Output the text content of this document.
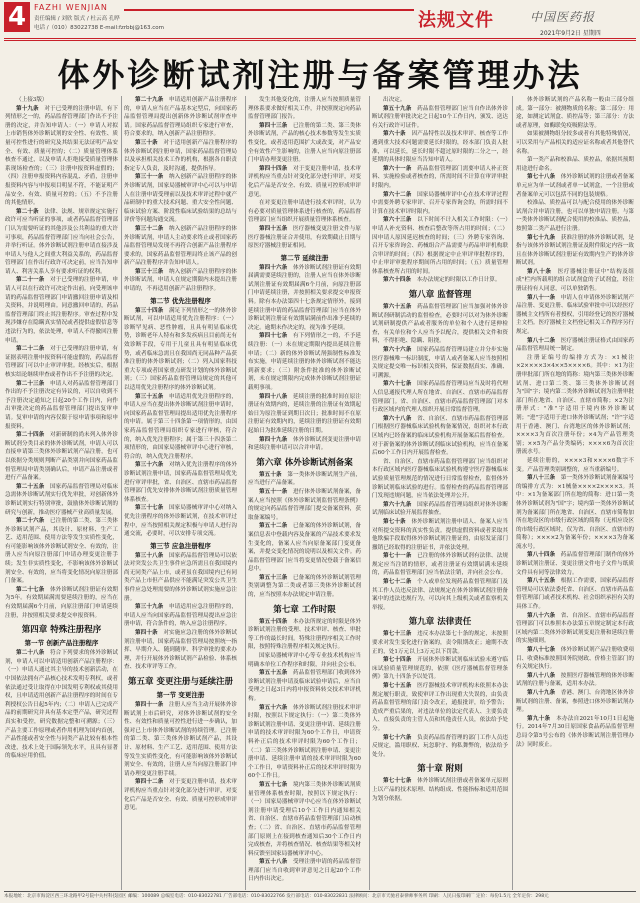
4 FAZHI WENJIAN
责任编辑 / 刘欣 版式 / 杜云高 孔晔
电话 /（010）83022738 E-mail:fzrbbj@163.com	法规文件	中国医药报
2021年9月2日 星期四
体外诊断试剂注册与备案管理办法

（上接3版）

第十九条　对于已受理的注册申请，有下列情形之一的，药品监督管理部门作出不予注册的决定，并告知申请人：（一）申请人对拟上市销售体外诊断试剂的安全性、有效性、质量可控性进行的研究及其结果无法证明产品安全、有效、质量可控的；（二）质量管理体系核查不通过，以及申请人拒绝接受质量管理体系现场检查的；（三）注册申报资料虚假的；（四）注册申报资料内容混乱、矛盾，注册申报资料内容与申报项目明显不符，不能证明产品安全、有效、质量可控的；（五）不予注册的其他情形。

第二十条　法律、法规、规章规定实施行政许可应当听证的事项，或者药品监督管理部门认为需要听证的其他涉及公共利益的重大许可事项，药品监督管理部门应当向社会公告，并举行听证。体外诊断试剂注册申请直接涉及申请人与他人之间重大利益关系的，药品监督管理部门在作出行政许可决定前，应当告知申请人、利害关系人享有要求听证的权利。

第二十一条　对于已受理的注册申请，申请人可以在行政许可决定作出前，向受理该申请的药品监督管理部门申请撤回注册申请及相关资料，并说明理由。同意撤回申请的，药品监督管理部门终止其注册程序。审查过程中发现涉嫌存在隐瞒真实情况或者提供虚假信息等违法行为的，依法处理，申请人不得撤回注册申请。

第二十二条　对于已受理的注册申请，有证据表明注册申报资料可能虚假的，药品监督管理部门可以中止审评审批。经核实后，根据核实结论继续审查或者作出不予注册的决定。

第二十三条　申请人对药品监督管理部门作出的不予注册决定有异议的，可以自收到不予注册决定通知之日起20个工作日内，向作出审批决定的药品监督管理部门提出复审申请。复审申请的内容仅限于原申请事项和原申报资料。

第二十四条　对新研制的尚未列入体外诊断试剂分类目录的体外诊断试剂，申请人可以直接申请第三类体外诊断试剂产品注册，也可以依据分类规则判断产品类别并向国家药品监督管理局申请类别确认后，申请产品注册或者进行产品备案。

第二十五条　国家药品监督管理局对临床急需体外诊断试剂实行优先审批，对创新体外诊断试剂实行特别审批，鼓励体外诊断试剂的研究与创新，推动医疗器械产业高质量发展。

第二十六条　已注册的第二类、第三类体外诊断试剂产品，其设计、原材料、生产工艺、适用范围、使用方法等发生实质性变化，有可能影响该体外诊断试剂安全、有效的，注册人应当向原注册部门申请办理变更注册手续；发生非实质性变化，不影响该体外诊断试剂安全、有效的，应当将变化情况向原注册部门备案。

第二十七条　体外诊断试剂注册证有效期为5年。有效期届满需要延续注册的，应当在有效期届满6个月前，向原注册部门申请延续注册，并按照相关要求提交申报资料。

第四章 特殊注册程序
第一节 创新产品注册程序

第二十八条　符合下列要求的体外诊断试剂，申请人可以申请适用创新产品注册程序：（一）申请人通过其主导的技术创新活动，在中国依法拥有产品核心技术发明专利权，或者依法通过受让取得在中国发明专利权或其使用权，且申请适用创新产品注册程序的时间在专利授权公告日起5年内；（二）申请人已完成产品的前期研究并具有基本定型产品，研究过程真实和受控，研究数据完整和可溯源；（三）产品主要工作原理或者作用机理为国内首创，产品性能或者安全性与同类产品比较有根本性改进，技术上处于国际领先水平，且具有显著的临床应用价值。

第二十九条　申请适用创新产品注册程序的，申请人应当在产品基本定型后，向国家药品监督管理局提出创新体外诊断试剂审查申请。国家药品监督管理局组织专家进行审查，符合要求的，纳入创新产品注册程序。

第三十条　对于适用创新产品注册程序的体外诊断试剂注册申请，国家药品监督管理局以及承担相关技术工作的机构，根据各自职责指定专人负责，及时沟通，提供指导。

第三十一条　纳入创新产品注册程序的体外诊断试剂，国家局器械审评中心可以与申请人在注册申请受理前以及技术审评过程中就产品研制中的重大技术问题、重大安全性问题、临床试验方案、阶段性临床试验结果的总结与评价等问题沟通交流。

第三十二条　纳入创新产品注册程序的体外诊断试剂，申请人主动要求终止或者国家药品监督管理局发现不再符合创新产品注册程序要求的，国家药品监督管理局终止该产品的创新产品注册程序并告知申请人。

第三十三条　纳入创新产品注册程序的体外诊断试剂，申请人在规定期限内未提出注册申请的，不再适用创新产品注册程序。

第二节 优先注册程序

第三十四条　满足下列情形之一的体外诊断试剂，可以申请适用优先注册程序：（一）诊断罕见病、恶性肿瘤，且具有明显临床优势，诊断老年人特有和多发疾病且目前尚无有效诊断手段，专用于儿童且具有明显临床优势，或者临床急需且在我国尚无同品种产品获准注册的体外诊断试剂；（二）列入国家科技重大专项或者国家重点研发计划的体外诊断试剂；（三）国家药品监督管理局规定的其他可以适用优先注册程序的体外诊断试剂。

第三十五条　申请适用优先注册程序的，申请人应当在提出体外诊断试剂注册申请时，向国家药品监督管理局提出适用优先注册程序的申请。属于第三十四条第一项情形的，由国家药品监督管理局组织专家进行审核，符合的，纳入优先注册程序；属于第三十四条第二项情形的，由国家局器械审评中心进行审核，符合的，纳入优先注册程序。

第三十六条　对纳入优先注册程序的体外诊断试剂注册申请，国家药品监督管理局优先进行审评审批，省、自治区、直辖市药品监督管理部门优先安排体外诊断试剂注册质量管理体系核查。

第三十七条　国家局器械审评中心对纳入优先注册程序的体外诊断试剂，在技术审评过程中，应当按照相关规定积极与申请人进行沟通交流，必要时，可以安排专项交流。

第三节 应急注册程序

第三十八条　国家药品监督管理局可以依法对突发公共卫生事件应急所需且在我国境内尚无同类产品上市，或者虽在我国境内已有同类产品上市但产品供应不能满足突发公共卫生事件应急处理需要的体外诊断试剂实施应急注册。

第三十九条　申请适用应急注册程序的，申请人应当向国家药品监督管理局提出应急注册申请，符合条件的，纳入应急注册程序。

第四十条　对实施应急注册的体外诊断试剂注册申请，国家药品监督管理局按照统一指挥、早期介入、随到随审、科学审批的要求办理，并行开展体外诊断试剂产品检验、体系核查、技术审评等工作。

第五章 变更注册与延续注册
第一节 变更注册

第四十一条　注册人应当主动开展体外诊断试剂上市后研究，对体外诊断试剂的安全性、有效性和质量可控性进行进一步确认，加强对已上市体外诊断试剂的持续管理。已注册的第二类、第三类体外诊断试剂产品，其设计、原材料、生产工艺、适用范围、使用方法等发生实质性变化，有可能影响该体外诊断试剂安全、有效的，注册人应当向原注册部门申请办理变更注册手续。

第四十二条　对于变更注册申请，技术审评机构应当重点针对变化部分进行审评，对变化后产品是否安全、有效、质量可控形成审评意见。

发生其他变化的，注册人应当按照质量管理体系要求做好相关工作，并按照规定向药品监督管理部门报告。

第四十三条　已注册的第二类、第三类体外诊断试剂，产品的核心技术参数等发生实质性变化，或者适用范围扩大或改变，对产品安全有效性产生影响的，注册人应当向原注册部门申请办理变更注册。

第四十四条　对于变更注册申请，技术审评机构应当重点针对变化部分进行审评，对变化后产品是否安全、有效、质量可控形成审评意见。

在对变更注册申请进行技术审评时，认为有必要对质量管理体系进行核查的，药品监督管理部门应当组织开展质量管理体系核查。

第四十五条　医疗器械变更注册文件与原医疗器械注册证合并使用，有效期截止日期与原医疗器械注册证相同。

第二节 延续注册

第四十六条　体外诊断试剂注册证有效期届满需要延续注册的，注册人应当在体外诊断试剂注册证有效期届满6个月前，向原注册部门申请延续注册，并按照相关要求提交申报资料。除有本办法第四十七条规定情形外，接到延续注册申请的药品监督管理部门应当在体外诊断试剂注册证有效期届满前作出准予延续的决定。逾期未作决定的，视为准予延续。

第四十七条　有下列情形之一的，不予延续注册：（一）未在规定期限内提出延续注册申请；（二）新的体外诊断试剂强制性标准发布实施，申请延续注册的体外诊断试剂不能达到新要求；（三）附条件批准的体外诊断试剂，未在规定期限内完成体外诊断试剂注册证载明事项。

第四十八条　延续注册的批准时间在原注册证有效期内的，延续注册的注册证有效期起始日为原注册证到期日次日；批准时间不在原注册证有效期内的，延续注册的注册证有效期起始日为批准延续注册的日期。

第四十九条　体外诊断试剂变更注册申请和延续注册申请可以合并申请。

第六章 体外诊断试剂备案

第五十条　第一类体外诊断试剂生产前，应当进行产品备案。

第五十一条　进行体外诊断试剂备案，备案人应当按照《体外诊断试剂监督管理条例》的规定向药品监督管理部门提交备案资料，获取备案编号。

第五十二条　已备案的体外诊断试剂，备案信息表中登载内容及备案的产品技术要求发生变化的，备案人应当向原备案部门变更备案，并提交变化情况的说明以及相关文件。药品监督管理部门应当将变更情况登载于备案信息中。

第五十三条　已备案的体外诊断试剂管理类别调整为第二类或者第三类体外诊断试剂的，应当按照本办法规定申请注册。

第七章 工作时限

第五十四条　本办法所规定的时限是体外诊断试剂注册的受理、技术审评、核查、审批等工作的最长时间。特殊注册程序相关工作时限，按照特殊注册程序相关规定执行。

国家局器械审评中心等专业技术机构应当明确本单位工作程序和时限，并向社会公布。

第五十五条　药品监督管理部门收到体外诊断试剂注册申请及临床试验申请后，应当自受理之日起3日内将申报资料转交技术审评机构。

第五十六条　体外诊断试剂注册技术审评时限，按照以下规定执行：（一）第二类体外诊断试剂注册申请、变更注册申请、延续注册申请的技术审评时限为60个工作日，申请资料补正后的技术审评时限为60个工作日；（二）第三类体外诊断试剂注册申请、变更注册申请、延续注册申请的技术审评时限为60个工作日，申请资料补正后的技术审评时限为60个工作日。

第五十七条　境内第三类体外诊断试剂质量管理体系核查时限，按照以下规定执行：（一）国家局器械审评中心应当在体外诊断试剂注册申请受理后10个工作日内通知相关省、自治区、直辖市药品监督管理部门启动核查；（二）省、自治区、直辖市药品监督管理部门原则上在接到核查通知后30个工作日内完成核查，并将核查情况、核查结果等相关材料反馈至国家局器械审评中心。

第五十八条　受理注册申请的药品监督管理部门应当自收到审评意见之日起20个工作日内作出决定。

出决定。

第五十九条　药品监督管理部门应当自作出体外诊断试剂注册审批决定之日起10个工作日内，颁发、送达有关行政许可证件。

第六十条　因产品特性以及技术审评、核查等工作遇到重大技术问题需要延长时限的，经本部门负责人批准，可以延长，延长时限不超过原时限的二分之一，经延期的具体时限应当告知申请人。

第六十一条　药品监督管理部门需要申请人补正资料、实施检验或者核查的，所需时间不计算在审评审批时限内。

第六十二条　国家局器械审评中心在技术审评过程中需要外聘专家审评、召开专家咨询会的，所需时间不计算在技术审评时限内。

第六十三条　以下时间不计入相关工作时限：（一）申请人补充资料、核查后整改等所占用的时间；（二）因申请人原因延迟核查的时间；（三）外聘专家咨询、召开专家咨询会、药械组合产品需要与药品审评机构联合审评的时间；（四）根据规定中止审评审批程序的，中止审评审批程序期间所占用的时间；（五）质量管理体系核查所占用的时间。

第六十四条　本办法规定的时限以工作日计算。

第八章 监督管理

第六十五条　药品监督管理部门应当加强对体外诊断试剂研制活动的监督检查，必要时可以对为体外诊断试剂研制提供产品或者服务的单位和个人进行延伸检查，有关单位和个人应当予以配合，提供相关文件和资料，不得拒绝、隐瞒、阻挠。

第六十六条　国家药品监督管理局建立并分步实施医疗器械唯一标识制度，申请人或者备案人应当按照相关规定提交唯一标识相关资料，保证数据真实、准确、可溯源。

第六十七条　国家药品监督管理局应当及时将代理人信息通报代理人所在地省、自治区、直辖市药品监督管理部门。省、自治区、直辖市药品监督管理部门对本行政区域内的代理人组织开展日常监督管理。

第六十八条　省、自治区、直辖市药品监督管理部门根据医疗器械临床试验机构备案情况，组织对本行政区域内已经备案的临床试验机构开展备案后监督检查。对于新备案的体外诊断试剂临床试验机构，应当在备案后60个工作日内开展监督检查。

省、自治区、直辖市药品监督管理部门应当组织对本行政区域内医疗器械临床试验机构遵守医疗器械临床试验质量管理规范的情况进行日常监督检查，监督体外诊断试剂临床试验的进行。监督检查的药品监督管理部门发现违规问题，应当依法处理并公开。

第六十九条　国家药品监督管理局组织对体外诊断试剂临床试验开展监督抽查。

第七十条　体外诊断试剂注册申请人、备案人应当对所提交资料的真实性负责。提供虚假资料或者采取其他欺骗手段取得体外诊断试剂注册证的，由原发证部门撤销已经取得的注册证书，并依法处理。

第七十一条　已注册的体外诊断试剂有法律、法规规定应当注销的情形，或者注册证有效期届满未延续的，药品监督管理部门应当依法注销，并向社会公布。

第七十二条　个人或单位发现药品监督管理部门及其工作人员违反法律、法规规定在体外诊断试剂注册备案中的违法违规行为，可以向其上级机关或者监察机关举报。

第九章 法律责任

第七十三条　违反本办法第七十条的规定，未按照要求对发生变化进行备案的，责令限期改正；逾期不改正的，处1万元以上3万元以下罚款。

第七十四条　开展体外诊断试剂临床试验未遵守临床试验质量管理规范的，依照《医疗器械监督管理条例》第九十四条予以处罚。

第七十五条　医疗器械技术审评机构未依照本办法规定履行职责，致使审评工作出现重大失误的，由负责药品监督管理的部门责令改正，通报批评，给予警告；造成严重后果的，对违法单位的法定代表人、主要负责人、直接负责的主管人员和其他责任人员，依法给予处分。

第七十六条　负责药品监督管理的部门工作人员违反规定，滥用职权、玩忽职守、徇私舞弊的，依法给予处分。

第十章 附则

第七十七条　体外诊断试剂注册或者备案单元原则上以产品的技术原理、结构组成、性能指标和适用范围为划分依据。

体外诊断试剂的产品名称一般由三部分组成。第一部分：被测物质的名称；第二部分：用途，如测定试剂盒、质控品等；第三部分：方法或者原理，如酶联免疫吸附法等。

如果被测物组分较多或者有其他特殊情况，可以采用与产品相关的适应证名称或者其他替代名称。

第一类产品和校准品、质控品，依据其预期用途进行命名。

第七十八条　体外诊断试剂的注册或者备案单元应为单一试剂或者单一试剂盒，一个注册或者备案单元可以包括不同的包装规格。

校准品、质控品可以与配合使用的体外诊断试剂合并申请注册，也可以单独申请注册。与第一类体外诊断试剂配合使用的校准品、质控品，按照第二类产品进行注册。

第七十九条　获准注册的体外诊断试剂，是指与该体外诊断试剂注册证及附件限定内容一致且在体外诊断试剂注册证有效期内生产的体外诊断试剂。

第八十条　医疗器械注册证中"结构及组成"栏内所载明的组合试剂盒的子试剂盒，经注册证持有人同意，可以单独销售。

第八十一条　申请人在申请体外诊断试剂产品注册、变更注册、临床试验审批中可以经医疗器械主文档所有者授权，引用经登记的医疗器械主文档。医疗器械主文档登记相关工作程序另行规定。

第八十二条　医疗器械注册证格式由国家药品监督管理局统一制定。

注册证编号的编排方式为：×1械注×2××××3×4××5××××6。其中：×1为注册审批部门所在地的简称：境内第三类体外诊断试剂、进口第二类、第三类体外诊断试剂为"国"字；境内第二类体外诊断试剂为注册审批部门所在地省、自治区、直辖市简称；×2为注册形式："准"字适用于境内体外诊断试剂；"进"字适用于进口体外诊断试剂；"许"字适用于香港、澳门、台湾地区的体外诊断试剂；××××3为首次注册年份；×4为产品管理类别；××5为产品分类编码；××××6为首次注册流水号。

延续注册的，××××3和××××6数字不变。产品管理类别调整的，应当重新编号。

第八十三条　第一类体外诊断试剂备案编号的编排方式为：×1械备××××2××××3。其中：×1为备案部门所在地的简称：进口第一类体外诊断试剂为"国"字；境内第一类体外诊断试剂为备案部门所在地省、自治区、直辖市简称加所在地设区的市级行政区域的简称（无相应设区的市级行政区域时，仅为省、自治区、直辖市的简称）；××××2为备案年份；××××3为备案流水号。

第八十四条　药品监督管理部门制作的体外诊断试剂注册证、变更注册文件电子文件与纸质文件具有同等法律效力。

第八十五条　根据工作需要，国家药品监督管理局可以依法委托省、自治区、直辖市药品监督管理部门或者技术机构、社会组织承担有关的具体工作。

第八十六条　省、自治区、直辖市药品监督管理部门可以参照本办法第五章规定制定本行政区域内第二类体外诊断试剂变更注册和延续注册的实施细则。

第八十七条　体外诊断试剂产品注册收费项目、收费标准按照国务院财政、价格主管部门的有关规定执行。

第八十八条　按照医疗器械管理的体外诊断试剂的注册与备案，适用本办法。

第八十九条　香港、澳门、台湾地区体外诊断试剂的注册、备案，参照进口体外诊断试剂办理。

第九十条　本办法自2021年10月1日起施行。2014年7月30日原国家食品药品监督管理总局令第5号公布的《体外诊断试剂注册管理办法》同时废止。

本报地址：北京市海淀区西三环北路甲2号院中关村科技园区 邮编：100089 总编室电话：010-83022781 广告部电话：010-83022766 发行部电话：010-83022831 法律顾问：北京市天驰君泰律师事务所 印刷：人民日报印刷厂 定价：每份1.5元 全年定价：298元
